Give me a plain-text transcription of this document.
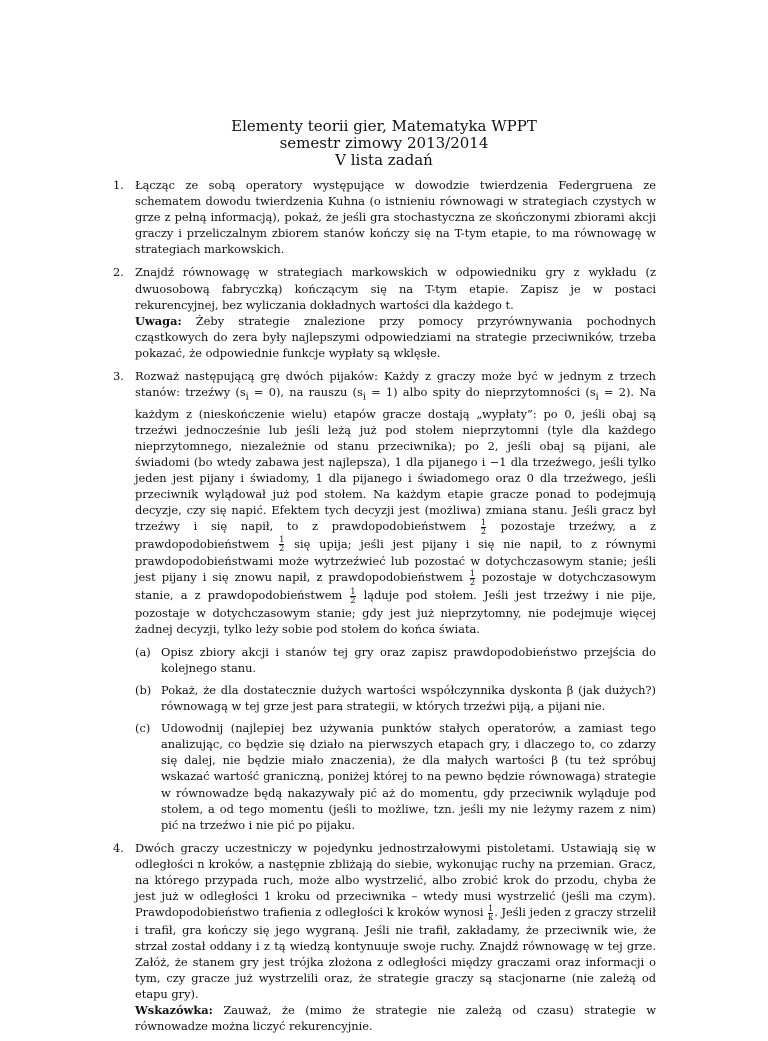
Elementy teorii gier, Matematyka WPPT
semestr zimowy 2013/2014
V lista zadań
1. Łącząc ze sobą operatory występujące w dowodzie twierdzenia Federgruena ze schematem dowodu twierdzenia Kuhna (o istnieniu równowagi w strategiach czystych w grze z pełną informacją), pokaż, że jeśli gra stochastyczna ze skończonymi zbiorami akcji graczy i przeliczalnym zbiorem stanów kończy się na T-tym etapie, to ma równowagę w strategiach markowskich.

2. Znajdź równowagę w strategiach markowskich w odpowiedniku gry z wykładu (z dwuosobową fabryczką) kończącym się na T-tym etapie. Zapisz je w postaci rekurencyjnej, bez wyliczania dokładnych wartości dla każdego t.

Uwaga: Żeby strategie znalezione przy pomocy przyrównywania pochodnych cząstkowych do zera były najlepszymi odpowiedziami na strategie przeciwników, trzeba pokazać, że odpowiednie funkcje wypłaty są wklęsłe.

3. Rozważ następującą grę dwóch pijaków: Każdy z graczy może być w jednym z trzech stanów: trzeźwy $(s_i = 0)$, na rauszu $(s_i = 1)$ albo spity do nieprzytomności $(s_i = 2)$. Na każdym z (nieskończenie wielu) etapów gracze dostają „wypłaty”: po 0, jeśli obaj są trzeźwi jednocześnie lub jeśli leżą już pod stołem nieprzytomni (tyle dla każdego nieprzytomnego, niezależnie od stanu przeciwnika); po 2, jeśli obaj są pijani, ale świadomi (bo wtedy zabawa jest najlepsza), 1 dla pijanego i −1 dla trzeźwego, jeśli tylko jeden jest pijany i świadomy, 1 dla pijanego i świadomego oraz 0 dla trzeźwego, jeśli przeciwnik wylądował już pod stołem. Na każdym etapie gracze ponad to podejmują decyzje, czy się napić. Efektem tych decyzji jest (możliwa) zmiana stanu. Jeśli gracz był trzeźwy i się napił, to z prawdopodobieństwem $\frac{1}{2}$ pozostaje trzeźwy, a z prawdopodobieństwem $\frac{1}{2}$ się upija; jeśli jest pijany i się nie napił, to z równymi prawdopodobieństwami może wytrzeźwieć lub pozostać w dotychczasowym stanie; jeśli jest pijany i się znowu napił, z prawdopodobieństwem $\frac{1}{2}$ pozostaje w dotychczasowym stanie, a z prawdopodobieństwem $\frac{1}{2}$ ląduje pod stołem. Jeśli jest trzeźwy i nie pije, pozostaje w dotychczasowym stanie; gdy jest już nieprzytomny, nie podejmuje więcej żadnej decyzji, tylko leży sobie pod stołem do końca świata.

(a) Opisz zbiory akcji i stanów tej gry oraz zapisz prawdopodobieństwo przejścia do kolejnego stanu.
(b) Pokaż, że dla dostatecznie dużych wartości współczynnika dyskonta β (jak dużych?) równowagą w tej grze jest para strategii, w których trzeźwi piją, a pijani nie.
(c) Udowodnij (najlepiej bez używania punktów stałych operatorów, a zamiast tego analizując, co będzie się działo na pierwszych etapach gry, i dlaczego to, co zdarzy się dalej, nie będzie miało znaczenia), że dla małych wartości β (tu też spróbuj wskazać wartość graniczną, poniżej której to na pewno będzie równowaga) strategie w równowadze będą nakazywały pić aż do momentu, gdy przeciwnik wyląduje pod stołem, a od tego momentu (jeśli to możliwe, tzn. jeśli my nie leżymy razem z nim) pić na trzeźwo i nie pić po pijaku.
4. Dwóch graczy uczestniczy w pojedynku jednostrzałowymi pistoletami. Ustawiają się w odległości n kroków, a następnie zbliżają do siebie, wykonując ruchy na przemian. Gracz, na którego przypada ruch, może albo wystrzelić, albo zrobić krok do przodu, chyba że jest już w odległości 1 kroku od przeciwnika – wtedy musi wystrzelić (jeśli ma czym). Prawdopodobieństwo trafienia z odległości k kroków wynosi $\frac{1}{k}$ . Jeśli jeden z graczy strzelił i trafił, gra kończy się jego wygraną. Jeśli nie trafił, zakładamy, że przeciwnik wie, że strzał został oddany i z tą wiedzą kontynuuje swoje ruchy. Znajdź równowagę w tej grze. Załóż, że stanem gry jest trójka złożona z odległości między graczami oraz informacji o tym, czy gracze już wystrzelili oraz, że strategie graczy są stacjonarne (nie zależą od etapu gry).

Wskazówka: Zauważ, że (mimo że strategie nie zależą od czasu) strategie w równowadze można liczyć rekurencyjnie.
